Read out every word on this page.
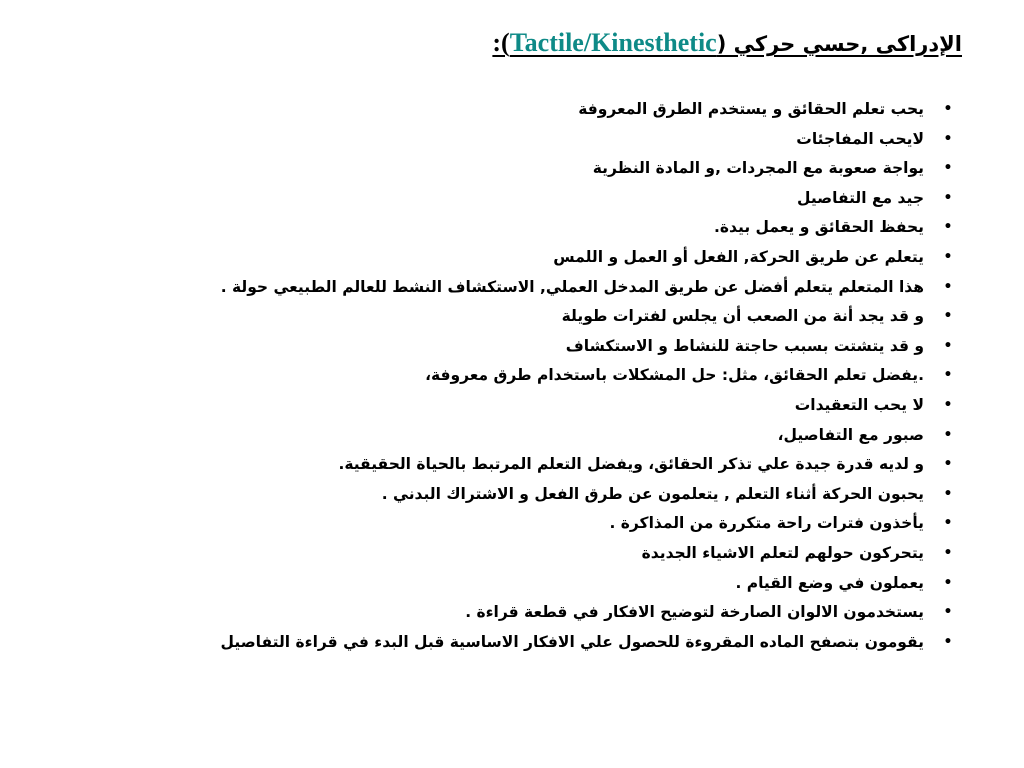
الإدراكى ,حسي حركي (Tactile/Kinesthetic):
•
يحب تعلم الحقائق و يستخدم الطرق المعروفة
•
لايحب المفاجئات
•
يواجة صعوبة مع المجردات ,و المادة النظرية
•
جيد مع التفاصيل
•
يحفظ الحقائق و يعمل بيدة.
•
يتعلم عن طريق الحركة, الفعل أو العمل و اللمس
•
هذا المتعلم يتعلم أفضل عن طريق المدخل العملي, الاستكشاف النشط للعالم الطبيعي حولة .
•
و قد يجد أنة من الصعب أن يجلس لفترات طويلة
•
و قد يتشتت بسبب حاجتة للنشاط و الاستكشاف
•
.يفضل تعلم الحقائق، مثل: حل المشكلات باستخدام طرق معروفة،
•
لا يحب التعقيدات
•
صبور مع التفاصيل،
•
و لديه قدرة جيدة علي تذكر الحقائق، ويفضل التعلم المرتبط بالحياة الحقيقية.
•
يحبون الحركة أثناء التعلم , يتعلمون عن طرق الفعل و الاشتراك البدني .
•
يأخذون فترات راحة متكررة من المذاكرة .
•
يتحركون حولهم لتعلم الاشياء الجديدة
•
يعملون في وضع القيام .
•
يستخدمون الالوان الصارخة لتوضيح الافكار في قطعة قراءة .
•
يقومون بتصفح الماده المقروءة للحصول علي الافكار الاساسية قبل البدء في قراءة التفاصيل
